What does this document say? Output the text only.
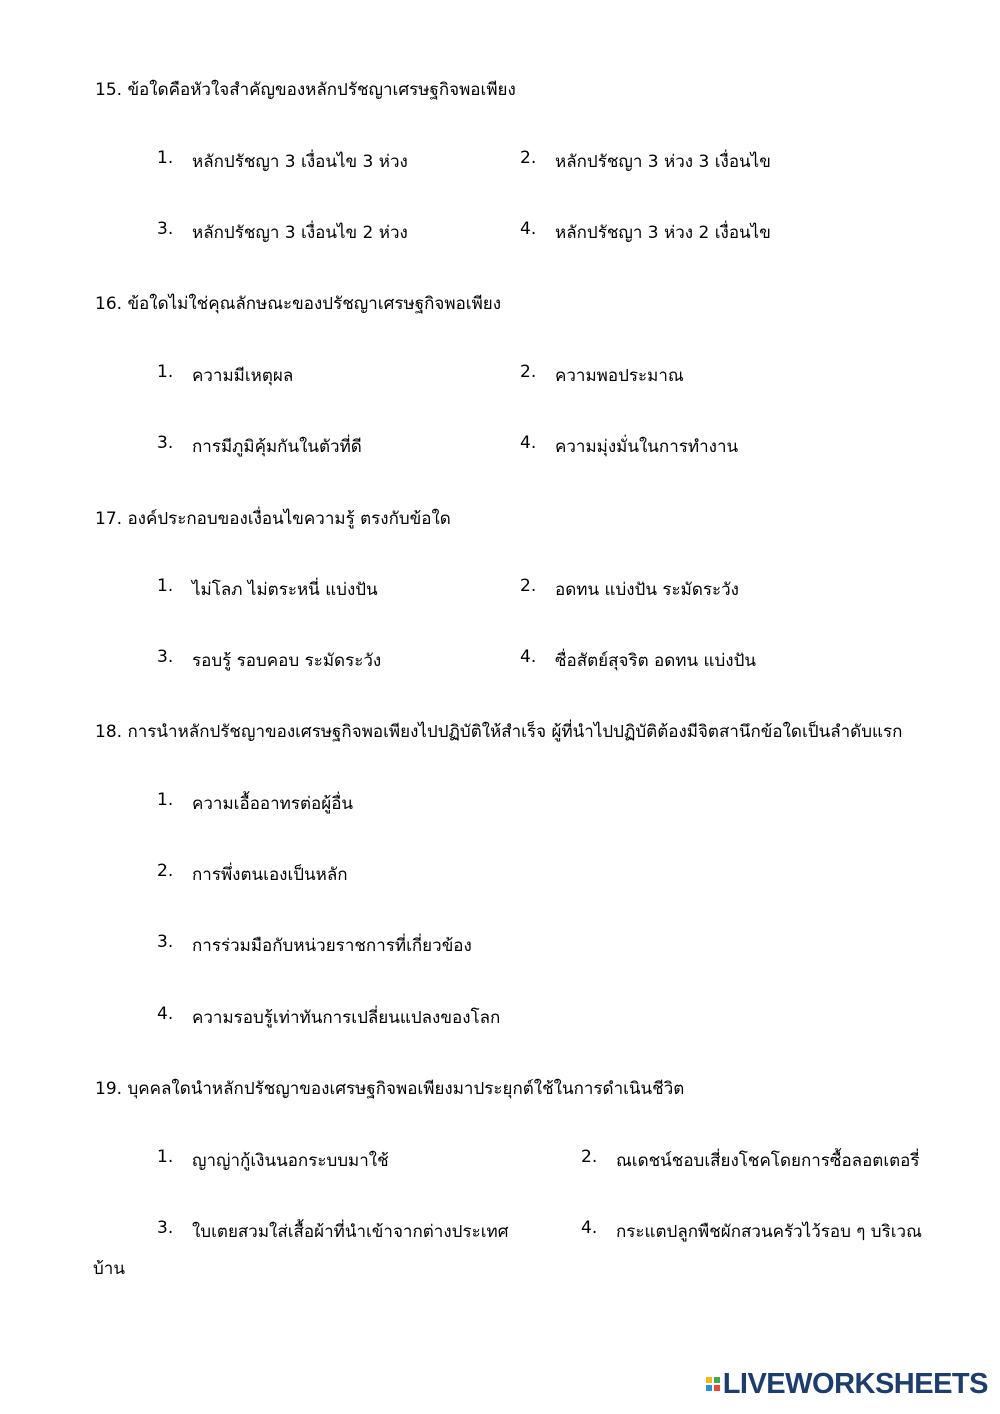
15. ข้อใดคือหัวใจสำคัญของหลักปรัชญาเศรษฐกิจพอเพียง
1. หลักปรัชญา 3 เงื่อนไข 3 ห่วง	2. หลักปรัชญา 3 ห่วง 3 เงื่อนไข
3. หลักปรัชญา 3 เงื่อนไข 2 ห่วง	4. หลักปรัชญา 3 ห่วง 2 เงื่อนไข
16. ข้อใดไม่ใช่คุณลักษณะของปรัชญาเศรษฐกิจพอเพียง
1. ความมีเหตุผล	2. ความพอประมาณ
3. การมีภูมิคุ้มกันในตัวที่ดี	4. ความมุ่งมั่นในการทำงาน
17. องค์ประกอบของเงื่อนไขความรู้ ตรงกับข้อใด
1. ไม่โลภ ไม่ตระหนี่ แบ่งปัน	2. อดทน แบ่งปัน ระมัดระวัง
3. รอบรู้ รอบคอบ ระมัดระวัง	4. ซื่อสัตย์สุจริต อดทน แบ่งปัน
18. การนำหลักปรัชญาของเศรษฐกิจพอเพียงไปปฏิบัติให้สำเร็จ ผู้ที่นำไปปฏิบัติต้องมีจิตสานึกข้อใดเป็นลำดับแรก
1. ความเอื้ออาทรต่อผู้อื่น
2. การพึ่งตนเองเป็นหลัก
3. การร่วมมือกับหน่วยราชการที่เกี่ยวข้อง
4. ความรอบรู้เท่าทันการเปลี่ยนแปลงของโลก
19. บุคคลใดนำหลักปรัชญาของเศรษฐกิจพอเพียงมาประยุกต์ใช้ในการดำเนินชีวิต
1. ญาญ่ากู้เงินนอกระบบมาใช้	2. ณเดชน์ชอบเสี่ยงโชคโดยการซื้อลอตเตอรี่
3. ใบเตยสวมใส่เสื้อผ้าที่นำเข้าจากต่างประเทศ	4. กระแตปลูกพืชผักสวนครัวไว้รอบ ๆ บริเวณ
บ้าน
LIVEWORKSHEETS
